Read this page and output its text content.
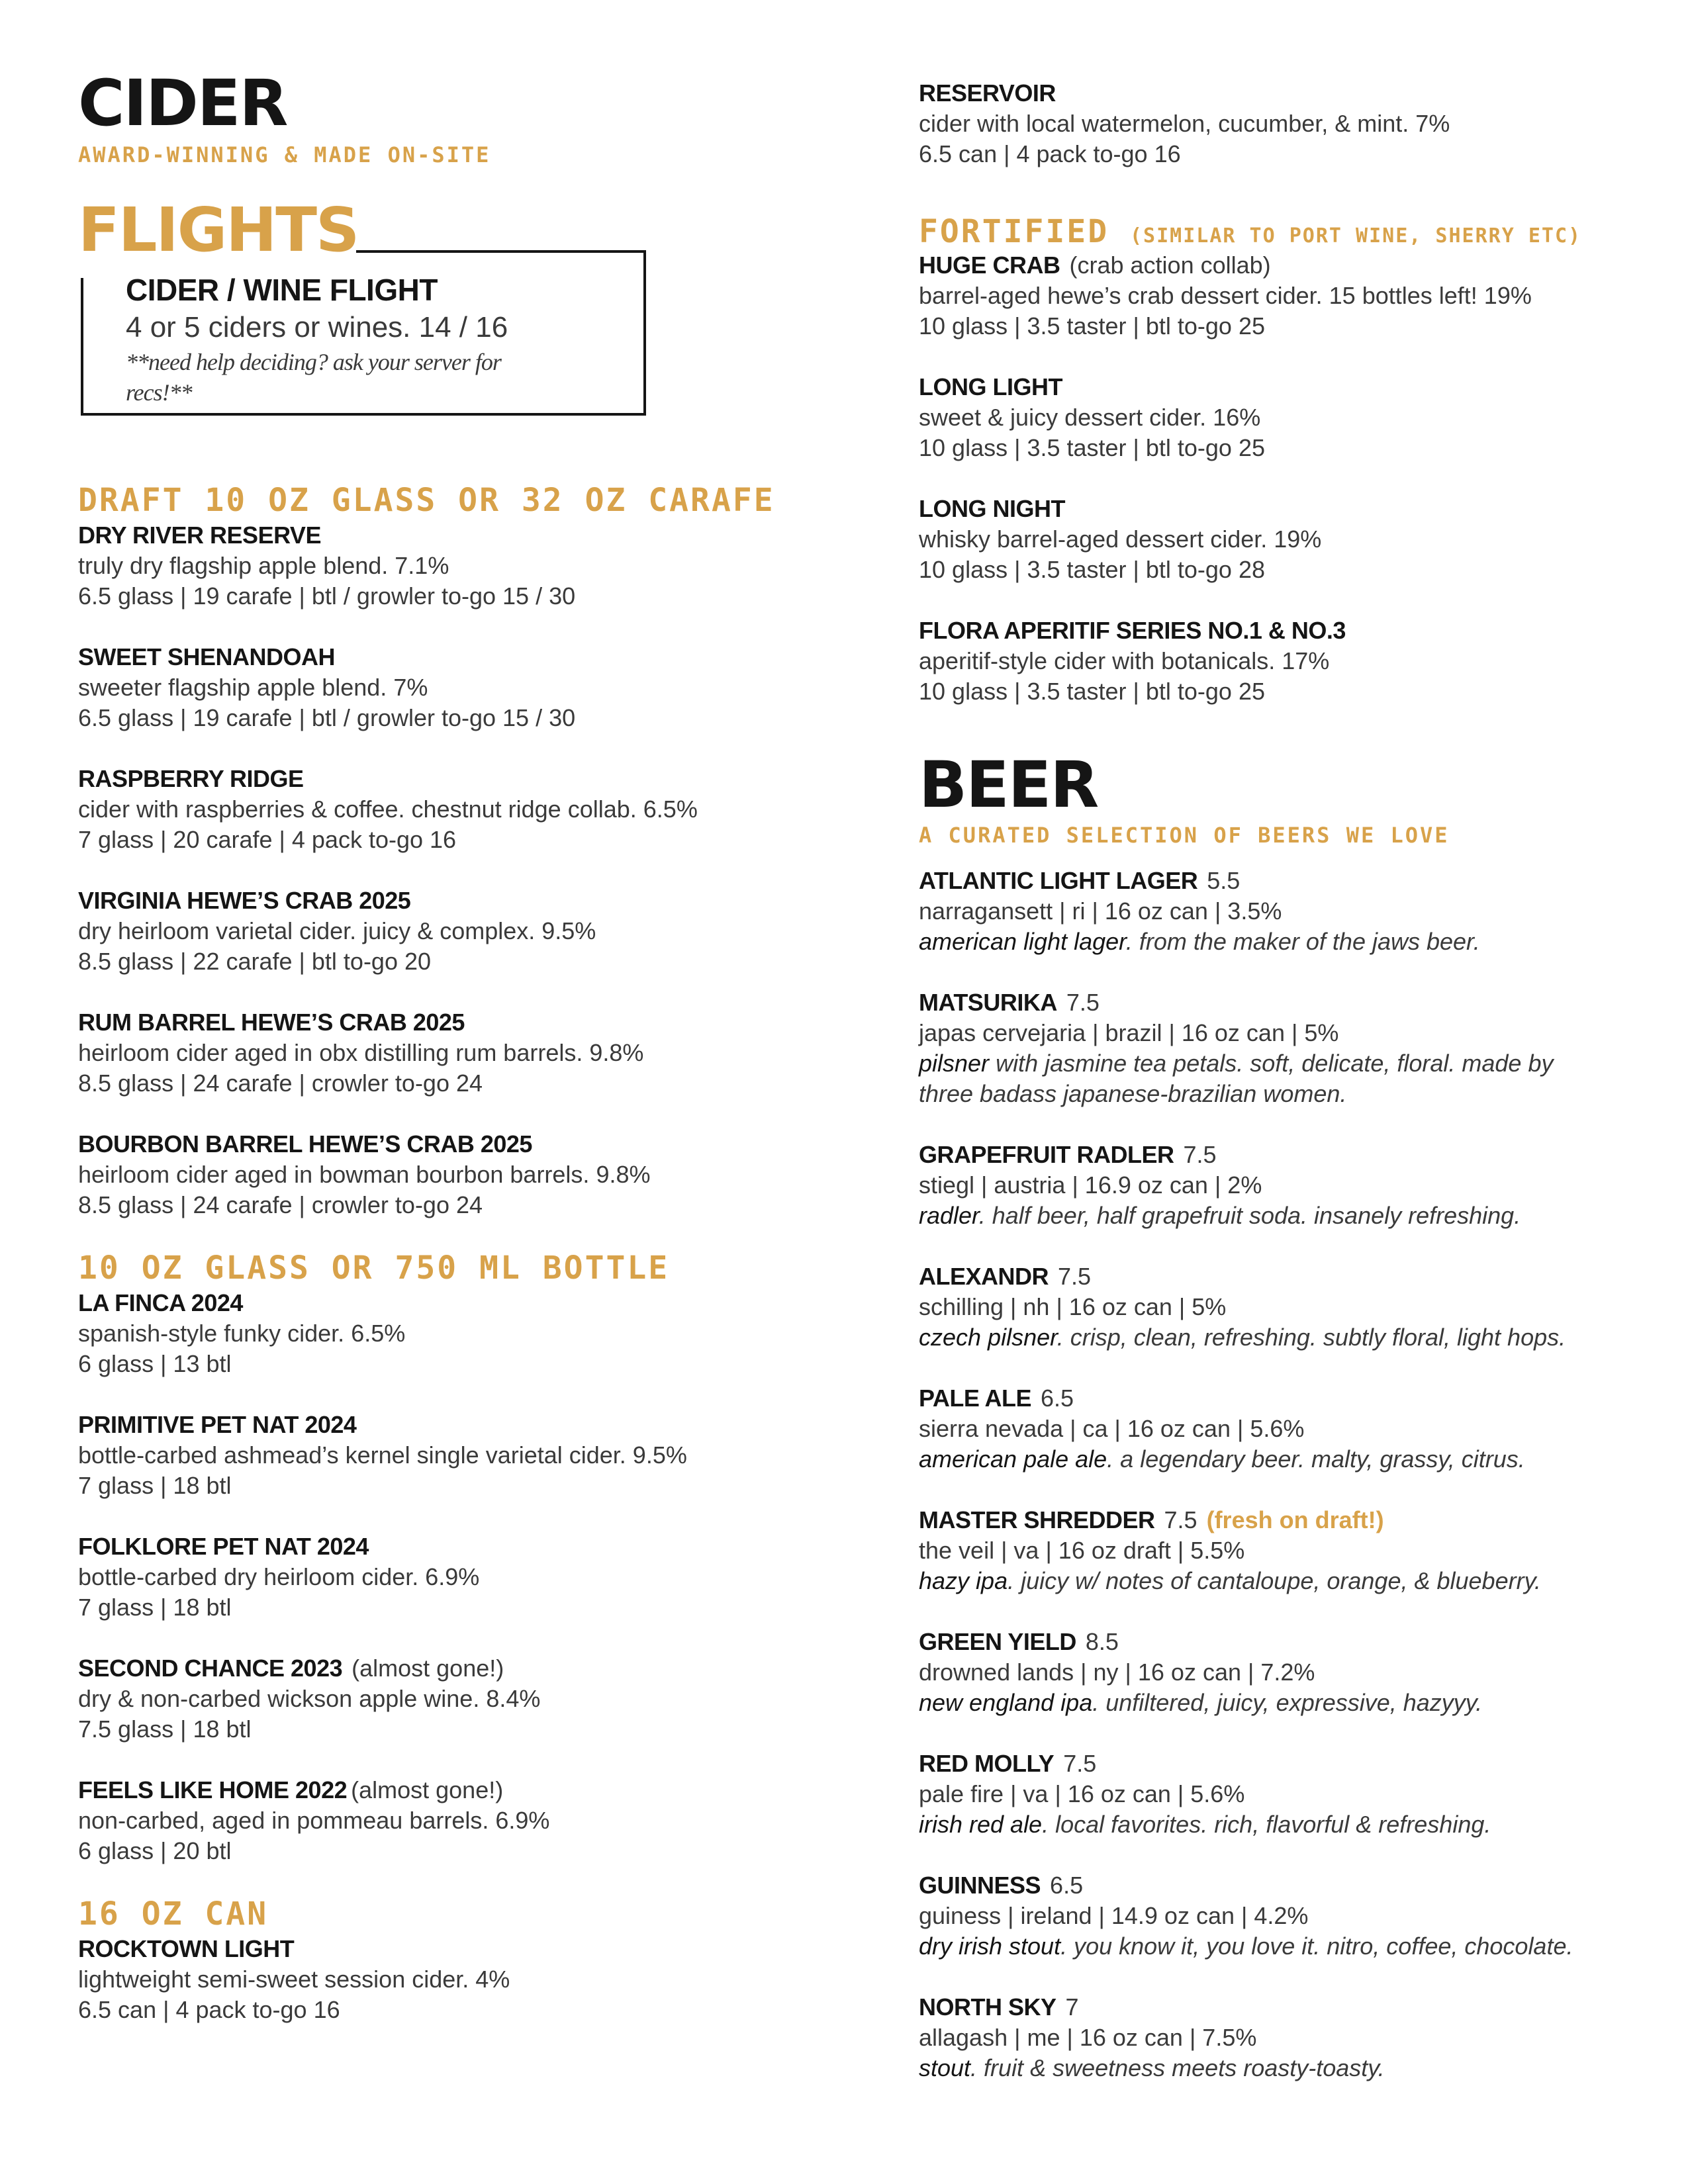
CIDER
AWARD-WINNING & MADE ON-SITE
FLIGHTS
CIDER / WINE FLIGHT
4 or 5 ciders or wines. 14 / 16
**need help deciding? ask your server for recs!**
DRAFT 10 OZ GLASS OR 32 OZ CARAFE
DRY RIVER RESERVE
truly dry flagship apple blend. 7.1%
6.5 glass | 19 carafe | btl / growler to-go 15 / 30
SWEET SHENANDOAH
sweeter flagship apple blend. 7%
6.5 glass | 19 carafe | btl / growler to-go 15 / 30
RASPBERRY RIDGE
cider with raspberries & coffee. chestnut ridge collab. 6.5%
7 glass | 20 carafe | 4 pack to-go 16
VIRGINIA HEWE’S CRAB 2025
dry heirloom varietal cider. juicy & complex. 9.5%
8.5 glass | 22 carafe | btl to-go 20
RUM BARREL HEWE’S CRAB 2025
heirloom cider aged in obx distilling rum barrels. 9.8%
8.5 glass | 24 carafe | crowler to-go 24
BOURBON BARREL HEWE’S CRAB 2025
heirloom cider aged in bowman bourbon barrels. 9.8%
8.5 glass | 24 carafe | crowler to-go 24
10 OZ GLASS OR 750 ML BOTTLE
LA FINCA 2024
spanish-style funky cider. 6.5%
6 glass | 13 btl
PRIMITIVE PET NAT 2024
bottle-carbed ashmead’s kernel single varietal cider. 9.5%
7 glass | 18 btl
FOLKLORE PET NAT 2024
bottle-carbed dry heirloom cider. 6.9%
7 glass | 18 btl
SECOND CHANCE 2023 (almost gone!)
dry & non-carbed wickson apple wine. 8.4%
7.5 glass | 18 btl
FEELS LIKE HOME 2022 (almost gone!)
non-carbed, aged in pommeau barrels. 6.9%
6 glass | 20 btl
16 OZ CAN
ROCKTOWN LIGHT
lightweight semi-sweet session cider. 4%
6.5 can | 4 pack to-go 16
RESERVOIR
cider with local watermelon, cucumber, & mint. 7%
6.5 can | 4 pack to-go 16
FORTIFIED (SIMILAR TO PORT WINE, SHERRY ETC)
HUGE CRAB (crab action collab)
barrel-aged hewe’s crab dessert cider. 15 bottles left! 19%
10 glass | 3.5 taster | btl to-go 25
LONG LIGHT
sweet & juicy dessert cider. 16%
10 glass | 3.5 taster | btl to-go 25
LONG NIGHT
whisky barrel-aged dessert cider. 19%
10 glass | 3.5 taster | btl to-go 28
FLORA APERITIF SERIES NO.1 & NO.3
aperitif-style cider with botanicals. 17%
10 glass | 3.5 taster | btl to-go 25
BEER
A CURATED SELECTION OF BEERS WE LOVE
ATLANTIC LIGHT LAGER 5.5
narragansett | ri | 16 oz can | 3.5%
american light lager. from the maker of the jaws beer.
MATSURIKA 7.5
japas cervejaria | brazil | 16 oz can | 5%
pilsner with jasmine tea petals. soft, delicate, floral. made by
three badass japanese-brazilian women.
GRAPEFRUIT RADLER 7.5
stiegl | austria | 16.9 oz can | 2%
radler. half beer, half grapefruit soda. insanely refreshing.
ALEXANDR 7.5
schilling | nh | 16 oz can | 5%
czech pilsner. crisp, clean, refreshing. subtly floral, light hops.
PALE ALE 6.5
sierra nevada | ca | 16 oz can | 5.6%
american pale ale. a legendary beer. malty, grassy, citrus.
MASTER SHREDDER 7.5 (fresh on draft!)
the veil | va | 16 oz draft | 5.5%
hazy ipa. juicy w/ notes of cantaloupe, orange, & blueberry.
GREEN YIELD 8.5
drowned lands | ny | 16 oz can | 7.2%
new england ipa. unfiltered, juicy, expressive, hazyyy.
RED MOLLY 7.5
pale fire | va | 16 oz can | 5.6%
irish red ale. local favorites. rich, flavorful & refreshing.
GUINNESS 6.5
guiness | ireland | 14.9 oz can | 4.2%
dry irish stout. you know it, you love it. nitro, coffee, chocolate.
NORTH SKY 7
allagash | me | 16 oz can | 7.5%
stout. fruit & sweetness meets roasty-toasty.
